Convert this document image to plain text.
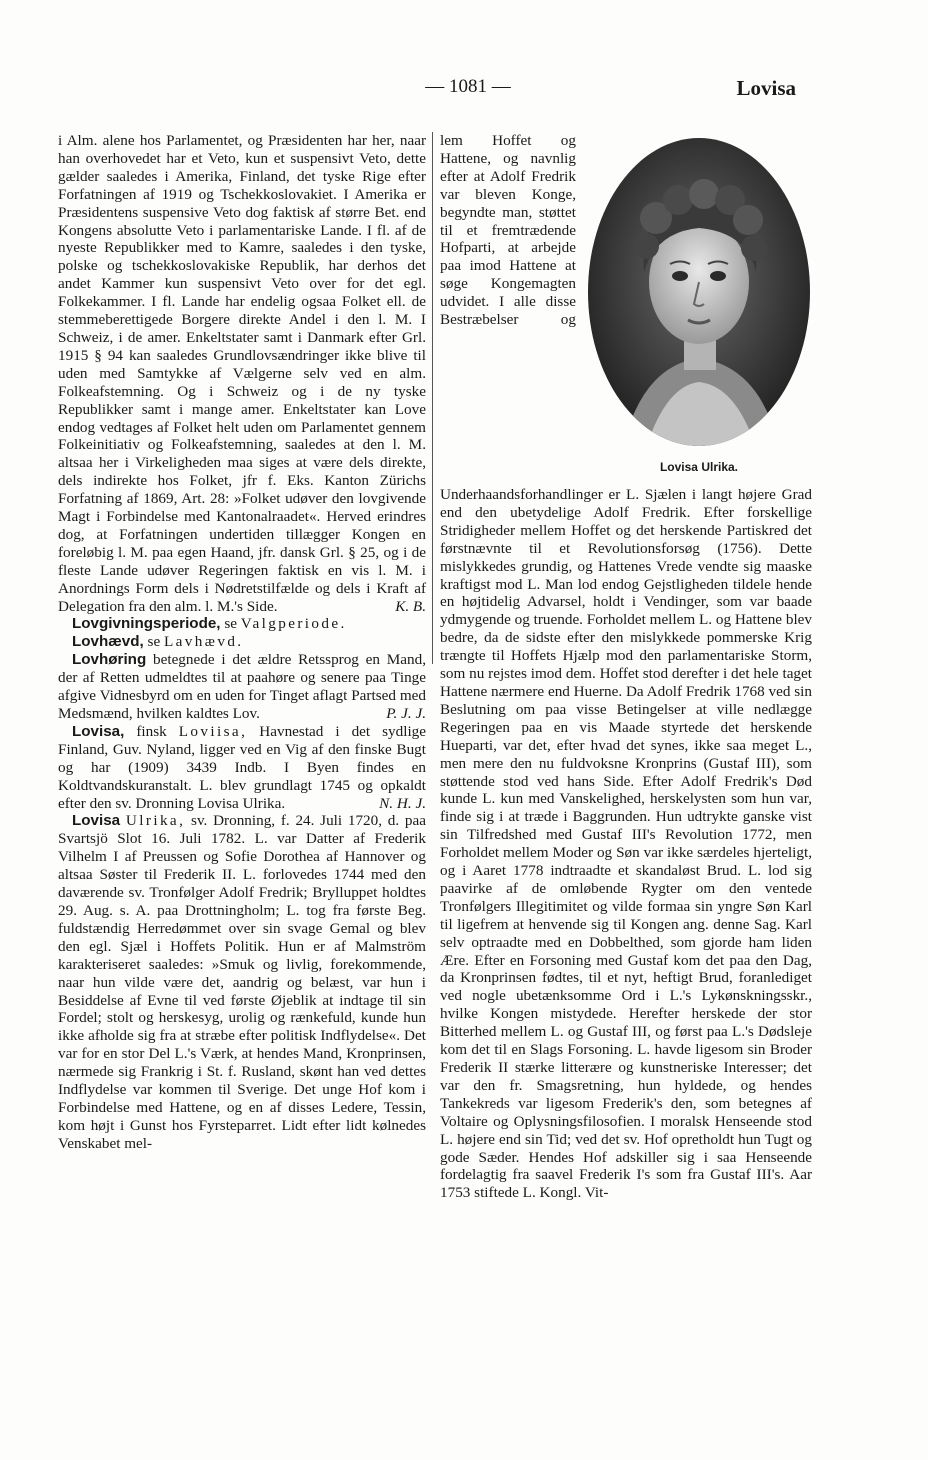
— 1081 —	Lovisa

i Alm. alene hos Parlamentet, og Præsidenten har her, naar han overhovedet har et Veto, kun et suspensivt Veto, dette gælder saaledes i Amerika, Finland, det tyske Rige efter Forfatningen af 1919 og Tschekkoslovakiet. I Amerika er Præsidentens suspensive Veto dog faktisk af større Bet. end Kongens absolutte Veto i parlamentariske Lande. I fl. af de nyeste Republikker med to Kamre, saaledes i den tyske, polske og tschekkoslovakiske Republik, har derhos det andet Kammer kun suspensivt Veto over for det egl. Folkekammer. I fl. Lande har endelig ogsaa Folket ell. de stemmeberettigede Borgere direkte Andel i den l. M. I Schweiz, i de amer. Enkeltstater samt i Danmark efter Grl. 1915 § 94 kan saaledes Grundlovsændringer ikke blive til uden med Samtykke af Vælgerne selv ved en alm. Folkeafstemning. Og i Schweiz og i de ny tyske Republikker samt i mange amer. Enkeltstater kan Love endog vedtages af Folket helt uden om Parlamentet gennem Folkeinitiativ og Folkeafstemning, saaledes at den l. M. altsaa her i Virkeligheden maa siges at være dels direkte, dels indirekte hos Folket, jfr f. Eks. Kanton Zürichs Forfatning af 1869, Art. 28: »Folket udøver den lovgivende Magt i Forbindelse med Kantonalraadet«. Herved erindres dog, at Forfatningen undertiden tillægger Kongen en foreløbig l. M. paa egen Haand, jfr. dansk Grl. § 25, og i de fleste Lande udøver Regeringen faktisk en vis l. M. i Anordnings Form dels i Nødretstilfælde og dels i Kraft af Delegation fra den alm. l. M.'s Side.	K. B.

Lovgivningsperiode, se Valgperiode.

Lovhævd, se Lavhævd.

Lovhøring betegnede i det ældre Retssprog en Mand, der af Retten udmeldtes til at paahøre og senere paa Tinge afgive Vidnesbyrd om en uden for Tinget aflagt Partsed med Medsmænd, hvilken kaldtes Lov.	P. J. J.

Lovisa, finsk Loviisa, Havnestad i det sydlige Finland, Guv. Nyland, ligger ved en Vig af den finske Bugt og har (1909) 3439 Indb. I Byen findes en Koldtvandskuranstalt. L. blev grundlagt 1745 og opkaldt efter den sv. Dronning Lovisa Ulrika.	N. H. J.

Lovisa Ulrika, sv. Dronning, f. 24. Juli 1720, d. paa Svartsjö Slot 16. Juli 1782. L. var Datter af Frederik Vilhelm I af Preussen og Sofie Dorothea af Hannover og altsaa Søster til Frederik II. L. forlovedes 1744 med den daværende sv. Tronfølger Adolf Fredrik; Brylluppet holdtes 29. Aug. s. A. paa Drottningholm; L. tog fra første Beg. fuldstændig Herredømmet over sin svage Gemal og blev den egl. Sjæl i Hoffets Politik. Hun er af Malmström karakteriseret saaledes: »Smuk og livlig, forekommende, naar hun vilde være det, aandrig og belæst, var hun i Besiddelse af Evne til ved første Øjeblik at indtage til sin Fordel; stolt og herskesyg, urolig og rænkefuld, kunde hun ikke afholde sig fra at stræbe efter politisk Indflydelse«. Det var for en stor Del L.'s Værk, at hendes Mand, Kronprinsen, nærmede sig Frankrig i St. f. Rusland, skønt han ved dettes Indflydelse var kommen til Sverige. Det unge Hof kom i Forbindelse med Hattene, og en af disses Ledere, Tessin, kom højt i Gunst hos Fyrsteparret. Lidt efter lidt kølnedes Venskabet mel-

Lovisa Ulrika.

lem Hoffet og Hattene, og navnlig efter at Adolf Fredrik var bleven Konge, begyndte man, støttet til et fremtrædende Hofparti, at arbejde paa imod Hattene at søge Kongemagten udvidet. I alle disse Bestræbelser og Underhaandsforhandlinger er L. Sjælen i langt højere Grad end den ubetydelige Adolf Fredrik. Efter forskellige Stridigheder mellem Hoffet og det herskende Partiskred det førstnævnte til et Revolutionsforsøg (1756). Dette mislykkedes grundig, og Hattenes Vrede vendte sig maaske kraftigst mod L. Man lod endog Gejstligheden tildele hende en højtidelig Advarsel, holdt i Vendinger, som var baade ydmygende og truende. Forholdet mellem L. og Hattene blev bedre, da de sidste efter den mislykkede pommerske Krig trængte til Hoffets Hjælp mod den parlamentariske Storm, som nu rejstes imod dem. Hoffet stod derefter i det hele taget Hattene nærmere end Huerne. Da Adolf Fredrik 1768 ved sin Beslutning om paa visse Betingelser at ville nedlægge Regeringen paa en vis Maade styrtede det herskende Hueparti, var det, efter hvad det synes, ikke saa meget L., men mere den nu fuldvoksne Kronprins (Gustaf III), som støttende stod ved hans Side. Efter Adolf Fredrik's Død kunde L. kun med Vanskelighed, herskelysten som hun var, finde sig i at træde i Baggrunden. Hun udtrykte ganske vist sin Tilfredshed med Gustaf III's Revolution 1772, men Forholdet mellem Moder og Søn var ikke særdeles hjerteligt, og i Aaret 1778 indtraadte et skandaløst Brud. L. lod sig paavirke af de omløbende Rygter om den ventede Tronfølgers Illegitimitet og vilde formaa sin yngre Søn Karl til ligefrem at henvende sig til Kongen ang. denne Sag. Karl selv optraadte med en Dobbelthed, som gjorde ham liden Ære. Efter en Forsoning med Gustaf kom det paa den Dag, da Kronprinsen fødtes, til et nyt, heftigt Brud, foranlediget ved nogle ubetænksomme Ord i L.'s Lykønskningsskr., hvilke Kongen mistydede. Herefter herskede der stor Bitterhed mellem L. og Gustaf III, og først paa L.'s Dødsleje kom det til en Slags Forsoning. L. havde ligesom sin Broder Frederik II stærke litterære og kunstneriske Interesser; det var den fr. Smagsretning, hun hyldede, og hendes Tankekreds var ligesom Frederik's den, som betegnes af Voltaire og Oplysningsfilosofien. I moralsk Henseende stod L. højere end sin Tid; ved det sv. Hof opretholdt hun Tugt og gode Sæder. Hendes Hof adskiller sig i saa Henseende fordelagtig fra saavel Frederik I's som fra Gustaf III's. Aar 1753 stiftede L. Kongl. Vit-
